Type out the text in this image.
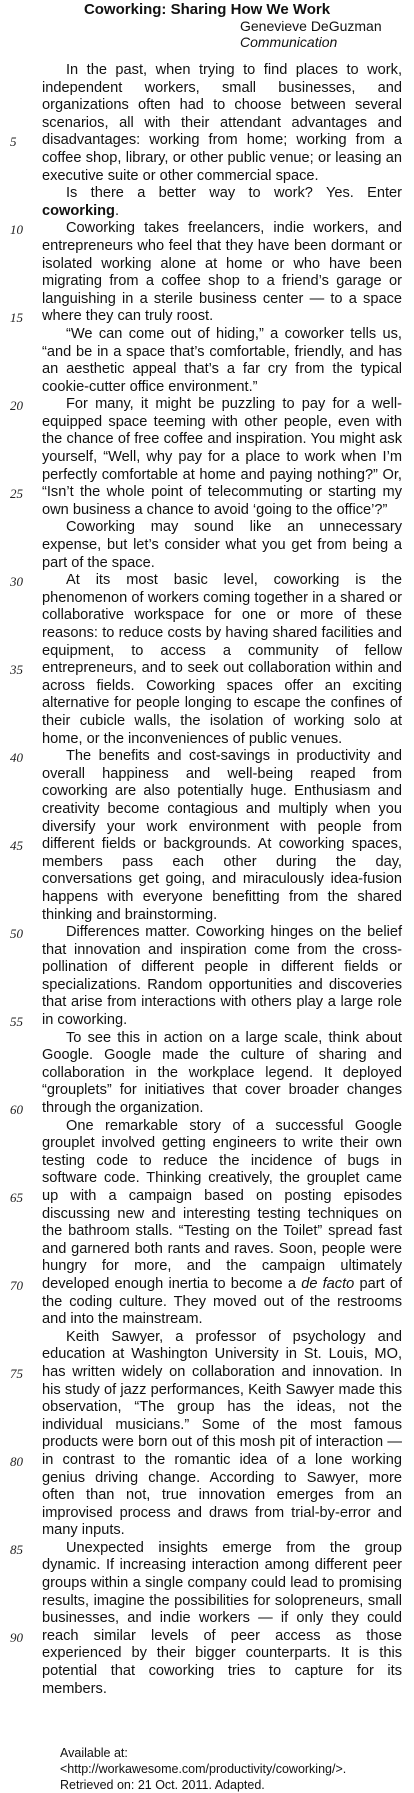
Coworking: Sharing How We Work
Genevieve DeGuzman
Communication
5
10
15
20
25
30
35
40
45
50
55
60
65
70
75
80
85
90

In the past, when trying to find places to work, independent workers, small businesses, and organizations often had to choose between several scenarios, all with their attendant advantages and disadvantages: working from home; working from a coffee shop, library, or other public venue; or leasing an executive suite or other commercial space.

Is there a better way to work? Yes. Enter coworking.

Coworking takes freelancers, indie workers, and entrepreneurs who feel that they have been dormant or isolated working alone at home or who have been migrating from a coffee shop to a friend’s garage or languishing in a sterile business center — to a space where they can truly roost.

“We can come out of hiding,” a coworker tells us, “and be in a space that’s comfortable, friendly, and has an aesthetic appeal that’s a far cry from the typical cookie-cutter office environment.”

For many, it might be puzzling to pay for a well-equipped space teeming with other people, even with the chance of free coffee and inspiration. You might ask yourself, “Well, why pay for a place to work when I’m perfectly comfortable at home and paying nothing?” Or, “Isn’t the whole point of telecommuting or starting my own business a chance to avoid ‘going to the office’?”

Coworking may sound like an unnecessary expense, but let’s consider what you get from being a part of the space.

At its most basic level, coworking is the phenomenon of workers coming together in a shared or collaborative workspace for one or more of these reasons: to reduce costs by having shared facilities and equipment, to access a community of fellow entrepreneurs, and to seek out collaboration within and across fields. Coworking spaces offer an exciting alternative for people longing to escape the confines of their cubicle walls, the isolation of working solo at home, or the inconveniences of public venues.

The benefits and cost-savings in productivity and overall happiness and well-being reaped from coworking are also potentially huge. Enthusiasm and creativity become contagious and multiply when you diversify your work environment with people from different fields or backgrounds. At coworking spaces, members pass each other during the day, conversations get going, and miraculously idea-fusion happens with everyone benefitting from the shared thinking and brainstorming.

Differences matter. Coworking hinges on the belief that innovation and inspiration come from the cross-pollination of different people in different fields or specializations. Random opportunities and discoveries that arise from interactions with others play a large role in coworking.

To see this in action on a large scale, think about Google. Google made the culture of sharing and collaboration in the workplace legend. It deployed “grouplets” for initiatives that cover broader changes through the organization.

One remarkable story of a successful Google grouplet involved getting engineers to write their own testing code to reduce the incidence of bugs in software code. Thinking creatively, the grouplet came up with a campaign based on posting episodes discussing new and interesting testing techniques on the bathroom stalls. “Testing on the Toilet” spread fast and garnered both rants and raves. Soon, people were hungry for more, and the campaign ultimately developed enough inertia to become a de facto part of the coding culture. They moved out of the restrooms and into the mainstream.

Keith Sawyer, a professor of psychology and education at Washington University in St. Louis, MO, has written widely on collaboration and innovation. In his study of jazz performances, Keith Sawyer made this observation, “The group has the ideas, not the individual musicians.” Some of the most famous products were born out of this mosh pit of interaction — in contrast to the romantic idea of a lone working genius driving change. According to Sawyer, more often than not, true innovation emerges from an improvised process and draws from trial-by-error and many inputs.

Unexpected insights emerge from the group dynamic. If increasing interaction among different peer groups within a single company could lead to promising results, imagine the possibilities for solopreneurs, small businesses, and indie workers — if only they could reach similar levels of peer access as those experienced by their bigger counterparts. It is this potential that coworking tries to capture for its members.

Available at: <http://workawesome.com/productivity/coworking/>.
Retrieved on: 21 Oct. 2011. Adapted.
